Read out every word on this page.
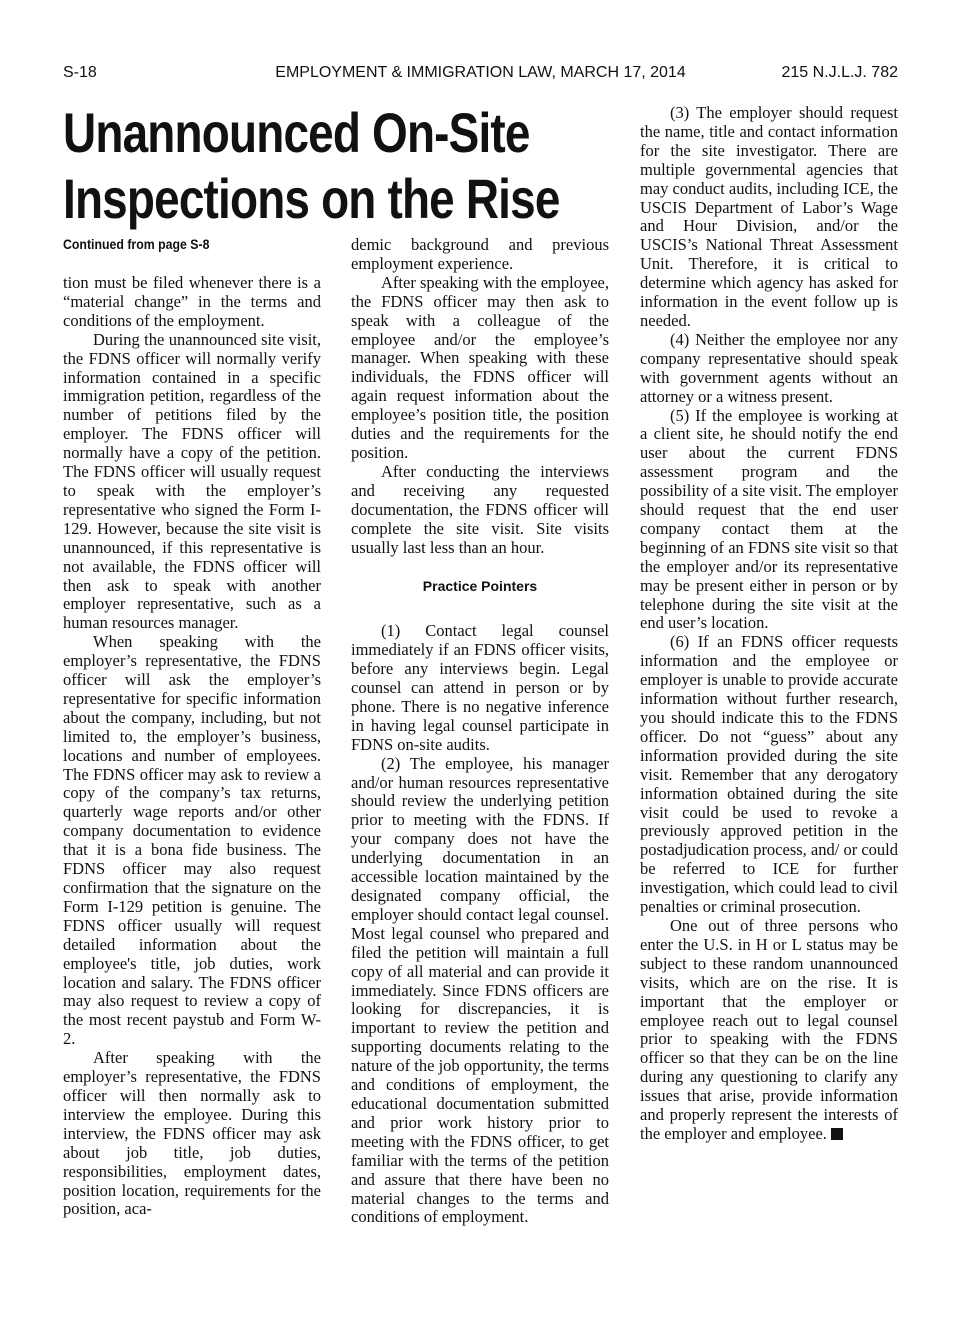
S-18	EMPLOYMENT & IMMIGRATION LAW, MARCH 17, 2014	215 N.J.L.J. 782
Unannounced On-Site
Inspections on the Rise
Continued from page S-8

tion must be filed whenever there is a “material change” in the terms and conditions of the employment.

During the unannounced site visit, the FDNS officer will normally verify information contained in a specific immigration petition, regardless of the number of petitions filed by the employer. The FDNS officer will normally have a copy of the petition. The FDNS officer will usually request to speak with the employer’s representative who signed the Form I-129. However, because the site visit is unannounced, if this representative is not available, the FDNS officer will then ask to speak with another employer representative, such as a human resources manager.

When speaking with the employer’s representative, the FDNS officer will ask the employer’s representative for specific information about the company, including, but not limited to, the employer’s business, locations and number of employees. The FDNS officer may ask to review a copy of the company’s tax returns, quarterly wage reports and/or other company documentation to evidence that it is a bona fide business. The FDNS officer may also request confirmation that the signature on the Form I-129 petition is genuine. The FDNS officer usually will request detailed information about the employee's title, job duties, work location and salary. The FDNS officer may also request to review a copy of the most recent paystub and Form W-2.

After speaking with the employer’s representative, the FDNS officer will then normally ask to interview the employee. During this interview, the FDNS officer may ask about job title, job duties, responsibilities, employment dates, position location, requirements for the position, aca-

demic background and previous employment experience.

After speaking with the employee, the FDNS officer may then ask to speak with a colleague of the employee and/or the employee’s manager. When speaking with these individuals, the FDNS officer will again request information about the employee’s position title, the position duties and the requirements for the position.

After conducting the interviews and receiving any requested documentation, the FDNS officer will complete the site visit. Site visits usually last less than an hour.

Practice Pointers

(1) Contact legal counsel immediately if an FDNS officer visits, before any interviews begin. Legal counsel can attend in person or by phone. There is no negative inference in having legal counsel participate in FDNS on-site audits.

(2) The employee, his manager and/or human resources representative should review the underlying petition prior to meeting with the FDNS. If your company does not have the underlying documentation in an accessible location maintained by the designated company official, the employer should contact legal counsel. Most legal counsel who prepared and filed the petition will maintain a full copy of all material and can provide it immediately. Since FDNS officers are looking for discrepancies, it is important to review the petition and supporting documents relating to the nature of the job opportunity, the terms and conditions of employment, the educational documentation submitted and prior work history prior to meeting with the FDNS officer, to get familiar with the terms of the petition and assure that there have been no material changes to the terms and conditions of employment.

(3) The employer should request the name, title and contact information for the site investigator. There are multiple governmental agencies that may conduct audits, including ICE, the USCIS Department of Labor’s Wage and Hour Division, and/or the USCIS’s National Threat Assessment Unit. Therefore, it is critical to determine which agency has asked for information in the event follow up is needed.

(4) Neither the employee nor any company representative should speak with government agents without an attorney or a witness present.

(5) If the employee is working at a client site, he should notify the end user about the current FDNS assessment program and the possibility of a site visit. The employer should request that the end user company contact them at the beginning of an FDNS site visit so that the employer and/or its representative may be present either in person or by telephone during the site visit at the end user’s location.

(6) If an FDNS officer requests information and the employee or employer is unable to provide accurate information without further research, you should indicate this to the FDNS officer. Do not “guess” about any information provided during the site visit. Remember that any derogatory information obtained during the site visit could be used to revoke a previously approved petition in the postadjudication process, and/ or could be referred to ICE for further investigation, which could lead to civil penalties or criminal prosecution.

One out of three persons who enter the U.S. in H or L status may be subject to these random unannounced visits, which are on the rise. It is important that the employer or employee reach out to legal counsel prior to speaking with the FDNS officer so that they can be on the line during any questioning to clarify any issues that arise, provide information and properly represent the interests of the employer and employee.
